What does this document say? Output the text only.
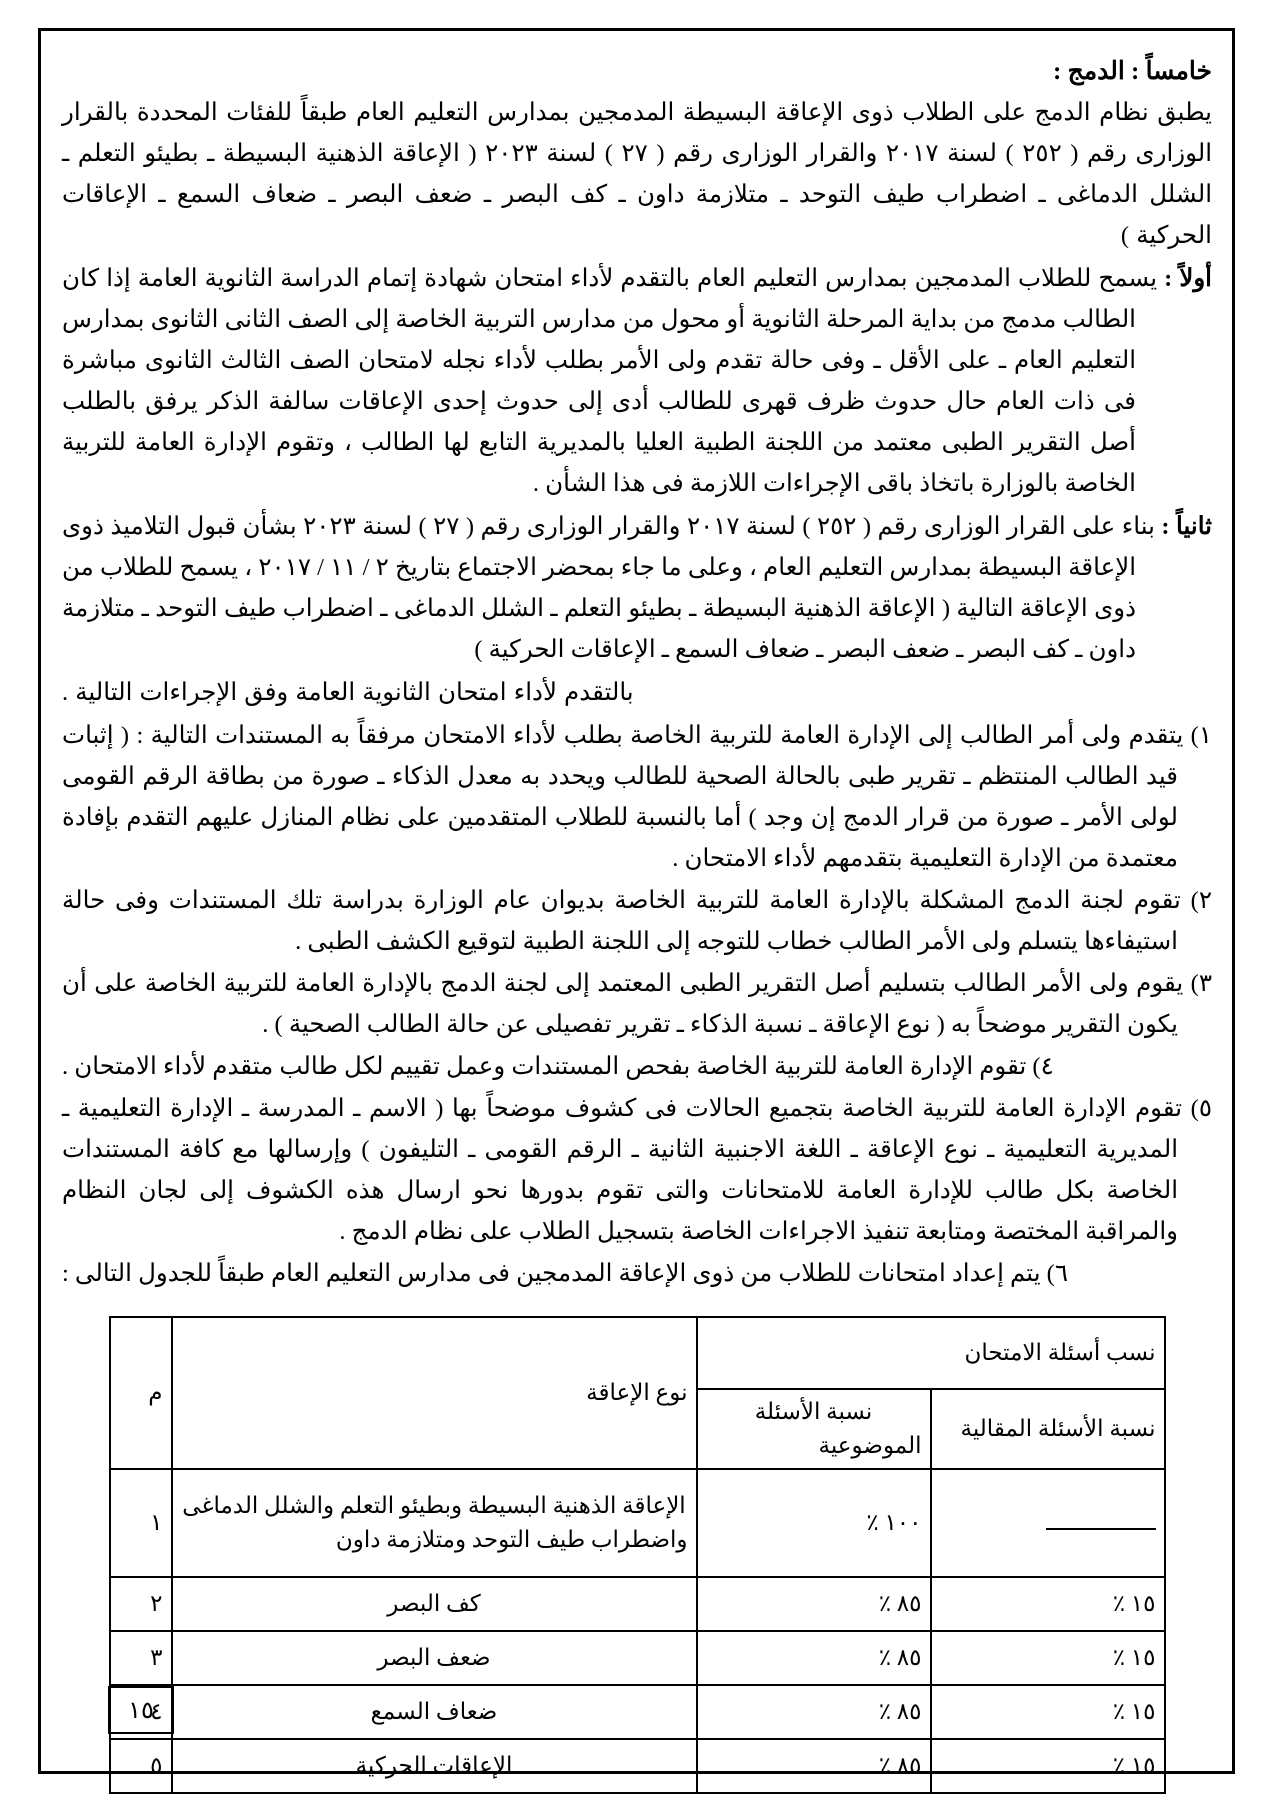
خامساً : الدمج :

يطبق نظام الدمج على الطلاب ذوى الإعاقة البسيطة المدمجين بمدارس التعليم العام طبقاً للفئات المحددة بالقرار الوزارى رقم ( ٢٥٢ ) لسنة ٢٠١٧ والقرار الوزارى رقم ( ٢٧ ) لسنة ٢٠٢٣ ( الإعاقة الذهنية البسيطة ـ بطيئو التعلم ـ الشلل الدماغى ـ اضطراب طيف التوحد ـ متلازمة داون ـ كف البصر ـ ضعف البصر ـ ضعاف السمع ـ الإعاقات الحركية )

أولاً : يسمح للطلاب المدمجين بمدارس التعليم العام بالتقدم لأداء امتحان شهادة إتمام الدراسة الثانوية العامة إذا كان الطالب مدمج من بداية المرحلة الثانوية أو محول من مدارس التربية الخاصة إلى الصف الثانى الثانوى بمدارس التعليم العام ـ على الأقل ـ وفى حالة تقدم ولى الأمر بطلب لأداء نجله لامتحان الصف الثالث الثانوى مباشرة فى ذات العام حال حدوث ظرف قهرى للطالب أدى إلى حدوث إحدى الإعاقات سالفة الذكر يرفق بالطلب أصل التقرير الطبى معتمد من اللجنة الطبية العليا بالمديرية التابع لها الطالب ، وتقوم الإدارة العامة للتربية الخاصة بالوزارة باتخاذ باقى الإجراءات اللازمة فى هذا الشأن .
ثانياً : بناء على القرار الوزارى رقم ( ٢٥٢ ) لسنة ٢٠١٧ والقرار الوزارى رقم ( ٢٧ ) لسنة ٢٠٢٣ بشأن قبول التلاميذ ذوى الإعاقة البسيطة بمدارس التعليم العام ، وعلى ما جاء بمحضر الاجتماع بتاريخ ٢ / ١١ / ٢٠١٧ ، يسمح للطلاب من ذوى الإعاقة التالية ( الإعاقة الذهنية البسيطة ـ بطيئو التعلم ـ الشلل الدماغى ـ اضطراب طيف التوحد ـ متلازمة داون ـ كف البصر ـ ضعف البصر ـ ضعاف السمع ـ الإعاقات الحركية )

بالتقدم لأداء امتحان الثانوية العامة وفق الإجراءات التالية .

١) يتقدم ولى أمر الطالب إلى الإدارة العامة للتربية الخاصة بطلب لأداء الامتحان مرفقاً به المستندات التالية : ( إثبات قيد الطالب المنتظم ـ تقرير طبى بالحالة الصحية للطالب ويحدد به معدل الذكاء ـ صورة من بطاقة الرقم القومى لولى الأمر ـ صورة من قرار الدمج إن وجد ) أما بالنسبة للطلاب المتقدمين على نظام المنازل عليهم التقدم بإفادة معتمدة من الإدارة التعليمية بتقدمهم لأداء الامتحان .
٢) تقوم لجنة الدمج المشكلة بالإدارة العامة للتربية الخاصة بديوان عام الوزارة بدراسة تلك المستندات وفى حالة استيفاءها يتسلم ولى الأمر الطالب خطاب للتوجه إلى اللجنة الطبية لتوقيع الكشف الطبى .
٣) يقوم ولى الأمر الطالب بتسليم أصل التقرير الطبى المعتمد إلى لجنة الدمج بالإدارة العامة للتربية الخاصة على أن يكون التقرير موضحاً به ( نوع الإعاقة ـ نسبة الذكاء ـ تقرير تفصيلى عن حالة الطالب الصحية ) .
٤) تقوم الإدارة العامة للتربية الخاصة بفحص المستندات وعمل تقييم لكل طالب متقدم لأداء الامتحان .
٥) تقوم الإدارة العامة للتربية الخاصة بتجميع الحالات فى كشوف موضحاً بها ( الاسم ـ المدرسة ـ الإدارة التعليمية ـ المديرية التعليمية ـ نوع الإعاقة ـ اللغة الاجنبية الثانية ـ الرقم القومى ـ التليفون ) وإرسالها مع كافة المستندات الخاصة بكل طالب للإدارة العامة للامتحانات والتى تقوم بدورها نحو ارسال هذه الكشوف إلى لجان النظام والمراقبة المختصة ومتابعة تنفيذ الاجراءات الخاصة بتسجيل الطلاب على نظام الدمج .
٦) يتم إعداد امتحانات للطلاب من ذوى الإعاقة المدمجين فى مدارس التعليم العام طبقاً للجدول التالى :
نسب أسئلة الامتحان		نوع الإعاقة	م
نسبة الأسئلة المقالية	نسبة الأسئلة الموضوعية		
	١٠٠ ٪	الإعاقة الذهنية البسيطة وبطيئو التعلم والشلل الدماغى واضطراب طيف التوحد ومتلازمة داون	١
١٥ ٪	٨٥ ٪	كف البصر	٢
١٥ ٪	٨٥ ٪	ضعف البصر	٣
١٥ ٪	٨٥ ٪	ضعاف السمع	٤
١٥ ٪	٨٥ ٪	الإعاقات الحركية	٥
١٥
